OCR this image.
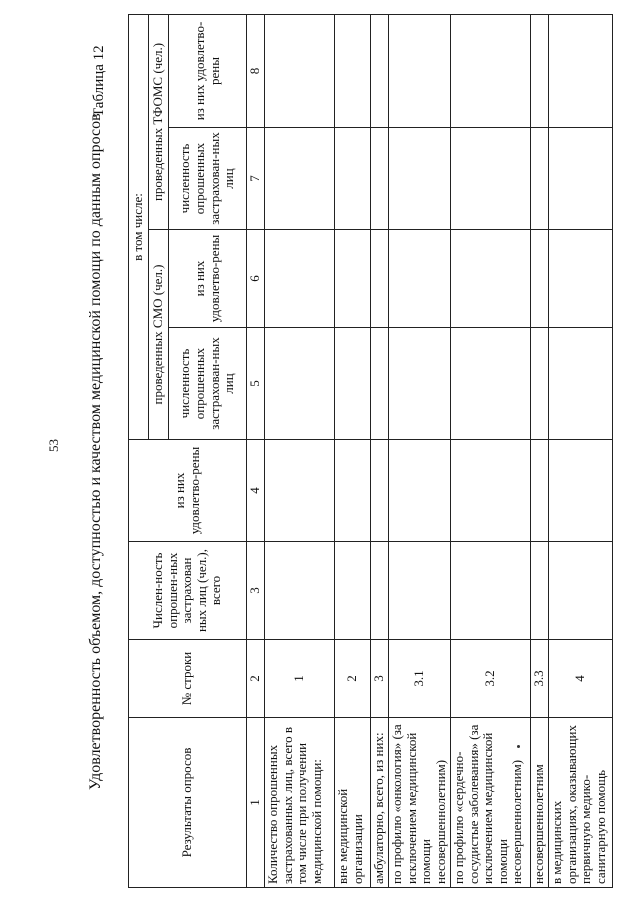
53
Таблица 12
Удовлетворенность объемом, доступностью и качеством медицинской помощи по данным опросов
Результаты опросов	№ строки	Числен-ность опрошен-ных застрахован ных лиц (чел.), всего	из них удовлетво-рены	в том числе:			
				проведенных СМО (чел.)		проведенных ТФОМС (чел.)	
				численность опрошенных застрахован-ных лиц	из них удовлетво-рены	численность опрошенных застрахован-ных лиц	из них удовлетво-рены
1	2	3	4	5	6	7	8
Количество опрошенных застрахованных лиц, всего в том числе при получении медицинской помощи:	1						
вне медицинской организации	2						
амбулаторно, всего, из них:	3						
по профилю «онкология» (за исключением медицинской помощи несовершеннолетним)	3.1						
по профилю «сердечно-сосудистые заболевания» (за исключением медицинской помощи несовершеннолетним)	3.2						
несовершеннолетним	3.3						
в медицинских организациях, оказывающих первичную медико-санитарную помощь	4						
